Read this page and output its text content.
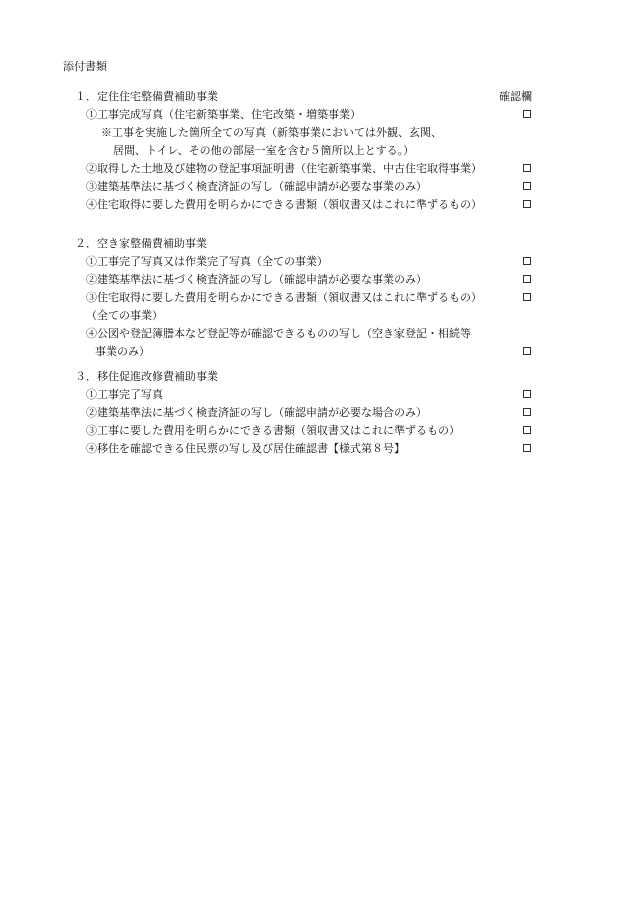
添付書類
１．定住住宅整備費補助事業	確認欄
①工事完成写真（住宅新築事業、住宅改築・増築事業）
※工事を実施した箇所全ての写真（新築事業においては外観、玄関、
居間、トイレ、その他の部屋一室を含む５箇所以上とする。）
②取得した土地及び建物の登記事項証明書（住宅新築事業、中古住宅取得事業）
③建築基準法に基づく検査済証の写し（確認申請が必要な事業のみ）
④住宅取得に要した費用を明らかにできる書類（領収書又はこれに準ずるもの）
２．空き家整備費補助事業
①工事完了写真又は作業完了写真（全ての事業）
②建築基準法に基づく検査済証の写し（確認申請が必要な事業のみ）
③住宅取得に要した費用を明らかにできる書類（領収書又はこれに準ずるもの）
（全ての事業）
④公図や登記簿謄本など登記等が確認できるものの写し（空き家登記・相続等
事業のみ）
３．移住促進改修費補助事業
①工事完了写真
②建築基準法に基づく検査済証の写し（確認申請が必要な場合のみ）
③工事に要した費用を明らかにできる書類（領収書又はこれに準ずるもの）
④移住を確認できる住民票の写し及び居住確認書【様式第８号】
